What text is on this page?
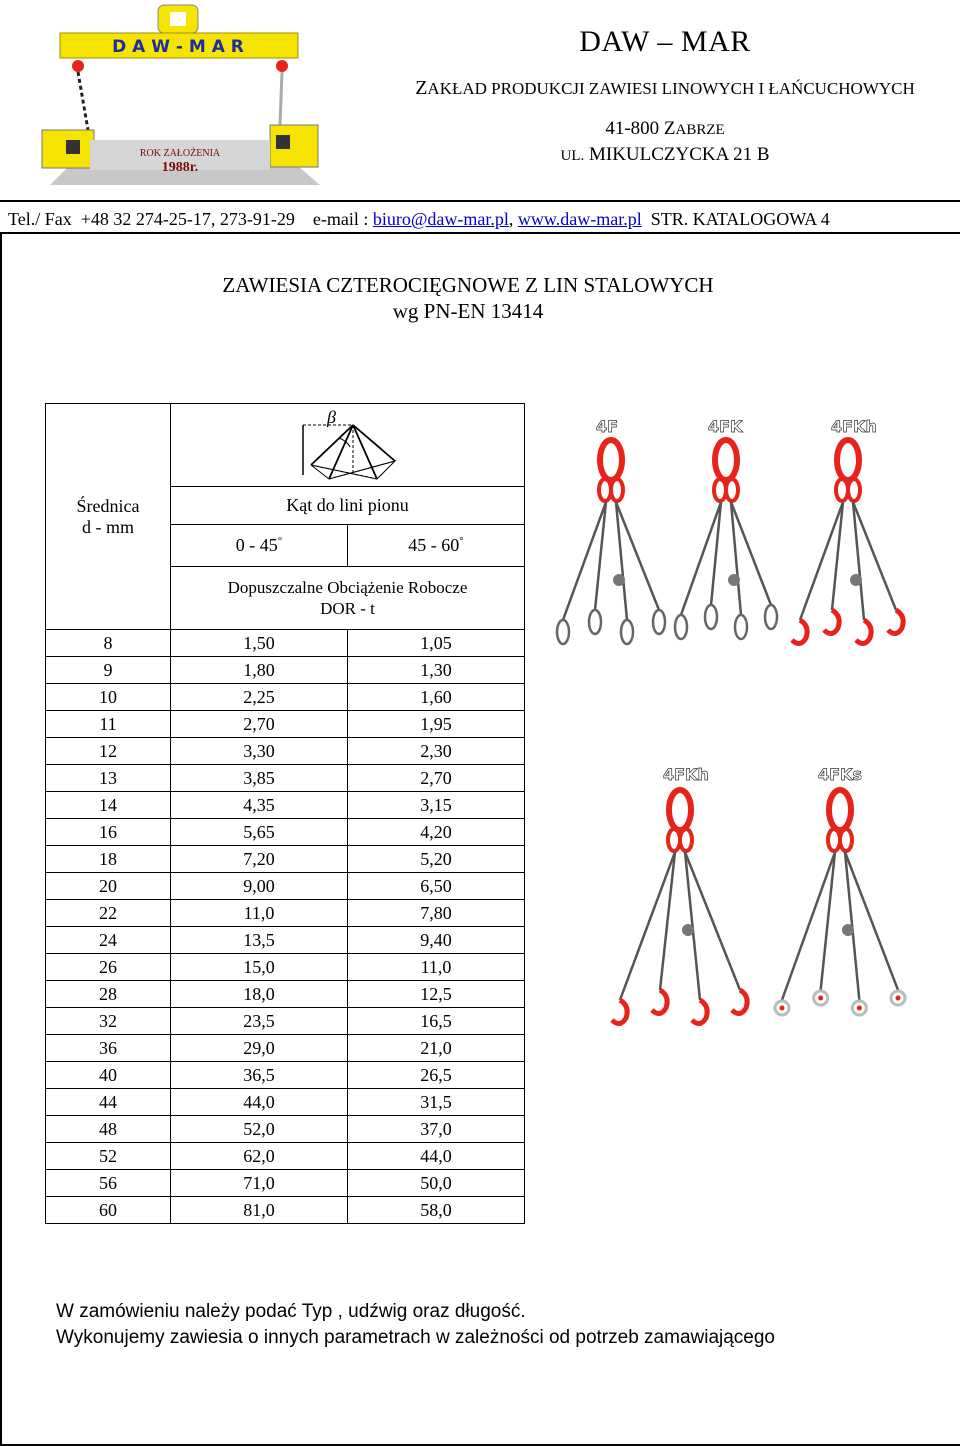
D A W - M A R
ROK ZAŁOŻENIA
1988r.
DAW – MAR
ZAKŁAD PRODUKCJI ZAWIESI LINOWYCH I ŁAŃCUCHOWYCH
41-800 ZABRZE
UL. MIKULCZYCKA 21 B
Tel./ Fax  +48 32 274-25-17, 273-91-29    e-mail : biuro@daw-mar.pl, www.daw-mar.pl  STR. KATALOGOWA 4
ZAWIESIA CZTEROCIĘGNOWE Z LIN STALOWYCH
wg PN-EN 13414
Średnica
d - mm	β	

	Kąt do lini pionu	
	0 - 45°	45 - 60°

	Dopuszczalne Obciążenie Robocze
DOR - t	

8	1,50	1,05
9	1,80	1,30
10	2,25	1,60
11	2,70	1,95
12	3,30	2,30
13	3,85	2,70
14	4,35	3,15
16	5,65	4,20
18	7,20	5,20
20	9,00	6,50
22	11,0	7,80
24	13,5	9,40
26	15,0	11,0
28	18,0	12,5
32	23,5	16,5
36	29,0	21,0
40	36,5	26,5
44	44,0	31,5
48	52,0	37,0
52	62,0	44,0
56	71,0	50,0
60	81,0	58,0
4F	4FK	4FKh
4FKh	4FKs
W zamówieniu należy podać Typ , udźwig oraz długość.
Wykonujemy zawiesia o innych parametrach w zależności od potrzeb zamawiającego
